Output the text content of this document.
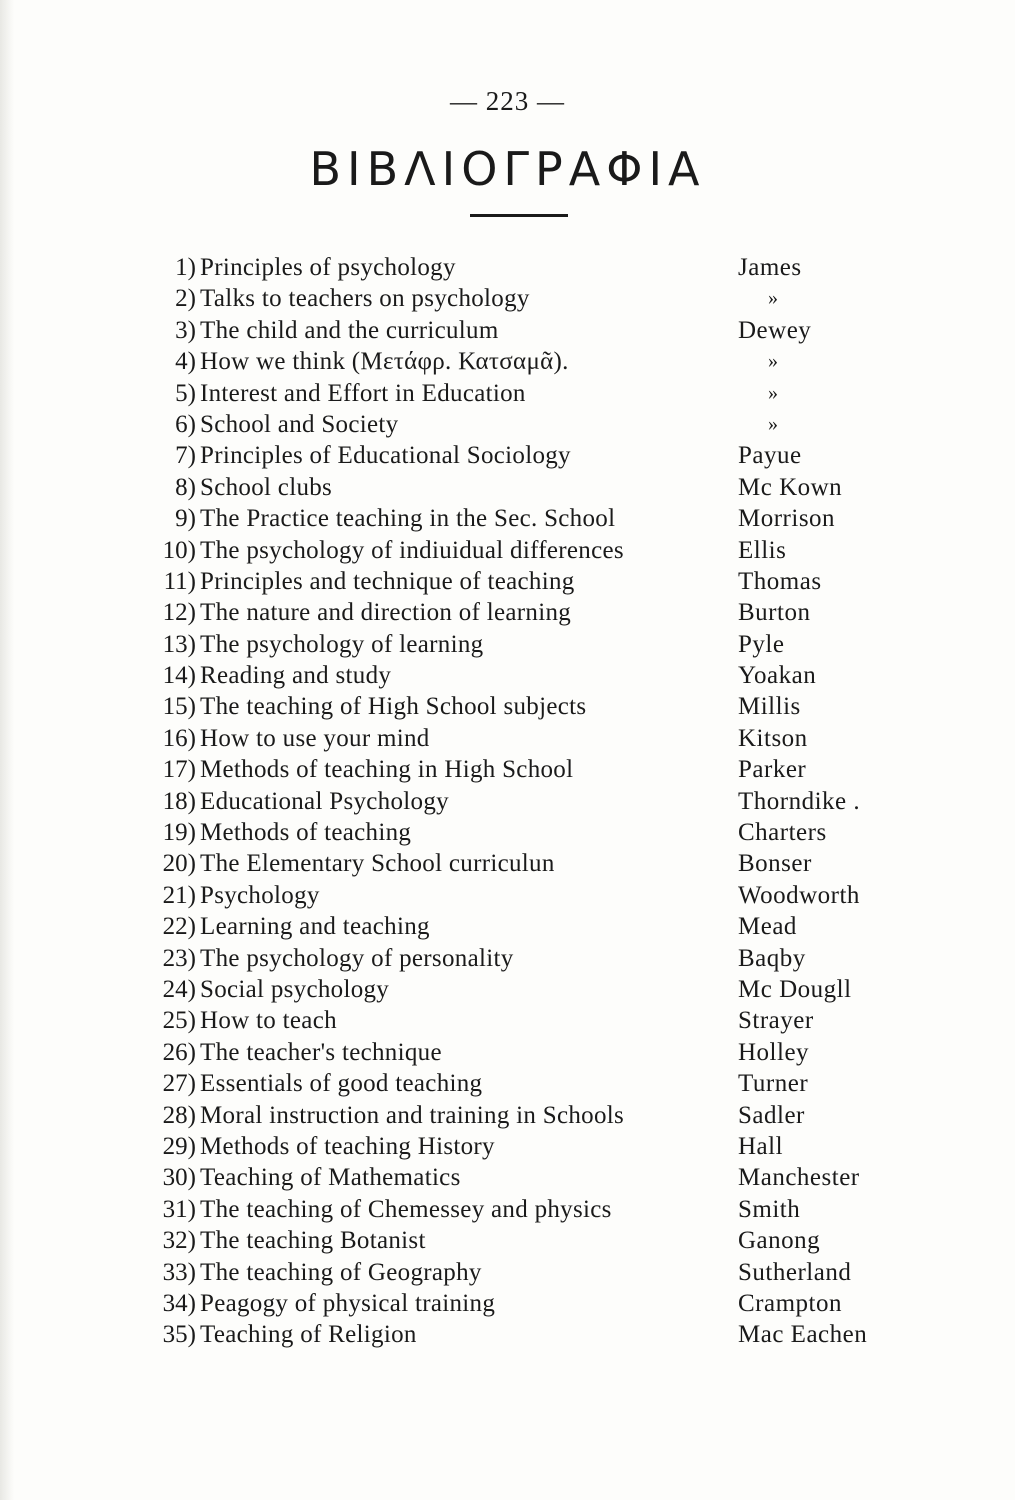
— 223 —
ΒΙΒΛΙΟΓΡΑΦΙΑ
1) Principles of psychology	James
2) Talks to teachers on psychology	»
3) The child and the curriculum	Dewey
4) How we think (Μετάφρ. Κατσαμᾶ).	»
5) Interest and Effort in Education	»
6) School and Society	»
7) Principles of Educational Sociology	Payue
8) School clubs	Mc Kown
9) The Practice teaching in the Sec. School	Morrison
10) The psychology of indiuidual differences	Ellis
11) Principles and technique of teaching	Thomas
12) The nature and direction of learning	Burton
13) The psychology of learning	Pyle
14) Reading and study	Yoakan
15) The teaching of High School subjects	Millis
16) How to use your mind	Kitson
17) Methods of teaching in High School	Parker
18) Educational Psychology	Thorndike .
19) Methods of teaching	Charters
20) The Elementary School curriculun	Bonser
21) Psychology	Woodworth
22) Learning and teaching	Mead
23) The psychology of personality	Baqby
24) Social psychology	Mc Dougll
25) How to teach	Strayer
26) The teacher's technique	Holley
27) Essentials of good teaching	Turner
28) Moral instruction and training in Schools	Sadler
29) Methods of teaching History	Hall
30) Teaching of Mathematics	Manchester
31) The teaching of Chemessey and physics	Smith
32) The teaching Botanist	Ganong
33) The teaching of Geography	Sutherland
34) Peagogy of physical training	Crampton
35) Teaching of Religion	Mac Eachen
